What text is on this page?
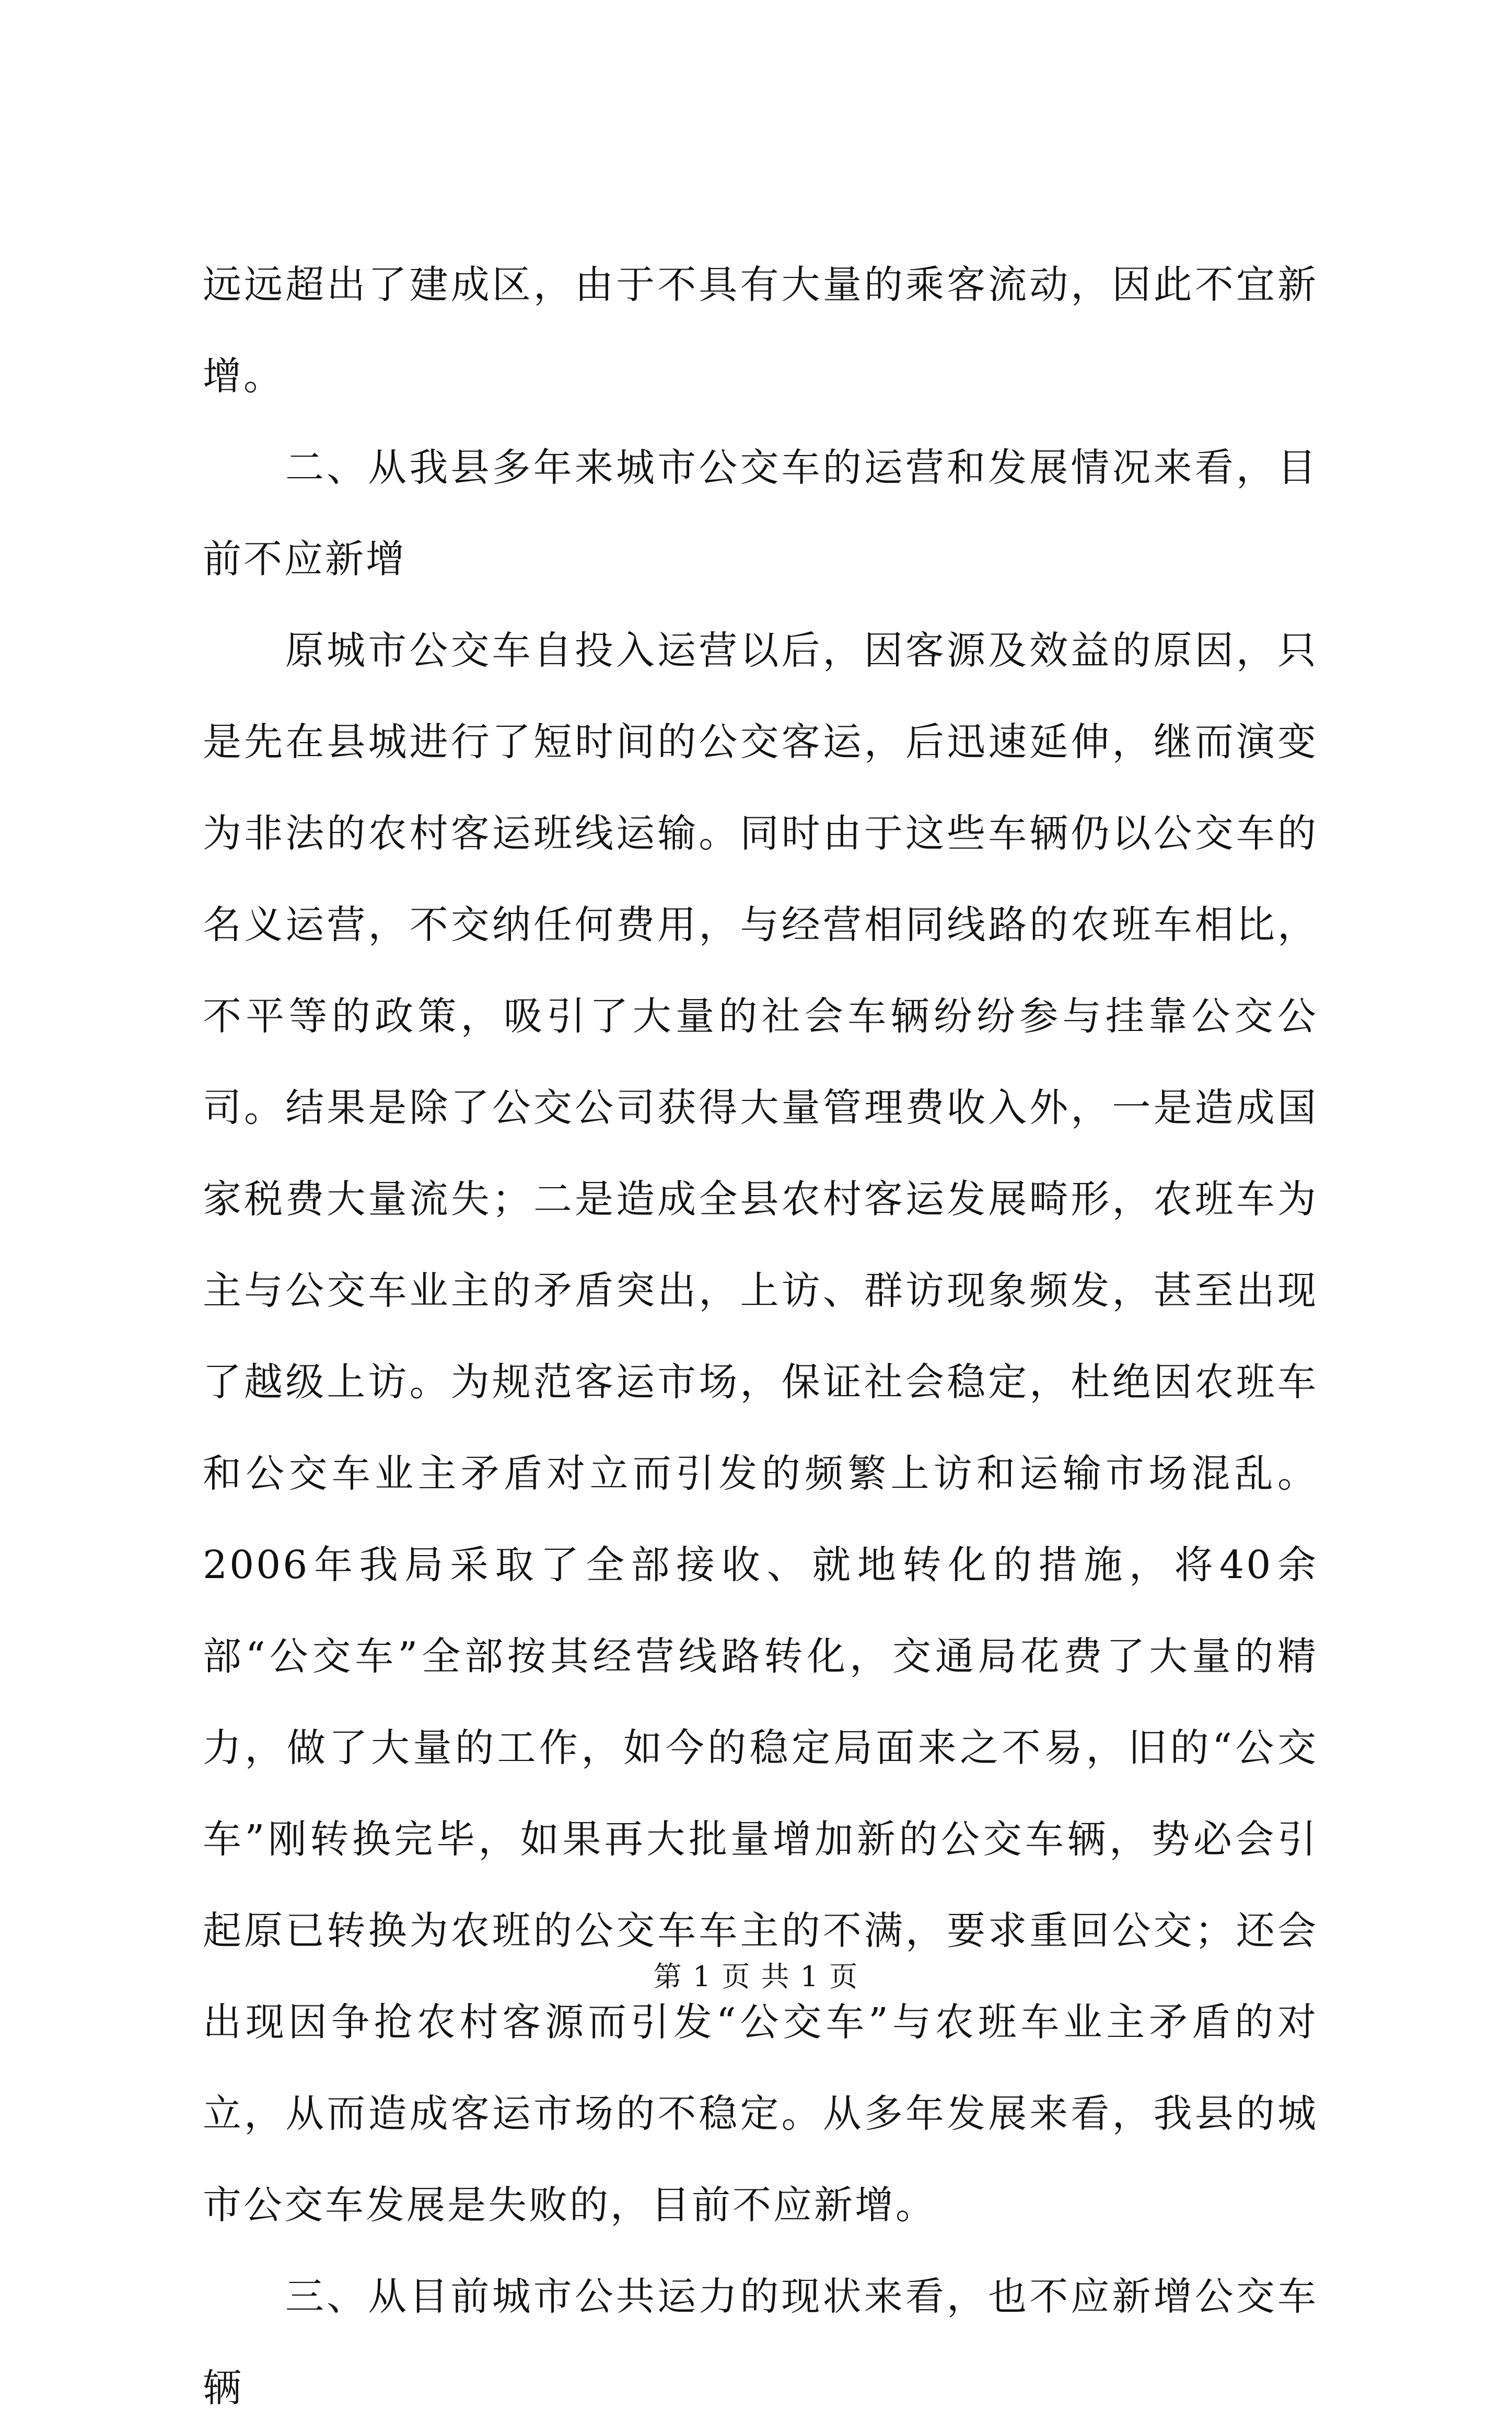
远远超出了建成区，由于不具有大量的乘客流动，因此不宜新增。

二、从我县多年来城市公交车的运营和发展情况来看，目前不应新增

原城市公交车自投入运营以后，因客源及效益的原因，只是先在县城进行了短时间的公交客运，后迅速延伸，继而演变为非法的农村客运班线运输。同时由于这些车辆仍以公交车的名义运营，不交纳任何费用，与经营相同线路的农班车相比，不平等的政策，吸引了大量的社会车辆纷纷参与挂靠公交公司。结果是除了公交公司获得大量管理费收入外，一是造成国家税费大量流失；二是造成全县农村客运发展畸形，农班车为主与公交车业主的矛盾突出，上访、群访现象频发，甚至出现了越级上访。为规范客运市场，保证社会稳定，杜绝因农班车和公交车业主矛盾对立而引发的频繁上访和运输市场混乱。2006年我局采取了全部接收、就地转化的措施，将40余部“公交车”全部按其经营线路转化，交通局花费了大量的精力，做了大量的工作，如今的稳定局面来之不易，旧的“公交车”刚转换完毕，如果再大批量增加新的公交车辆，势必会引起原已转换为农班的公交车车主的不满，要求重回公交；还会出现因争抢农村客源而引发“公交车”与农班车业主矛盾的对立，从而造成客运市场的不稳定。从多年发展来看，我县的城市公交车发展是失败的，目前不应新增。

三、从目前城市公共运力的现状来看，也不应新增公交车辆

第 1 页 共 1 页
